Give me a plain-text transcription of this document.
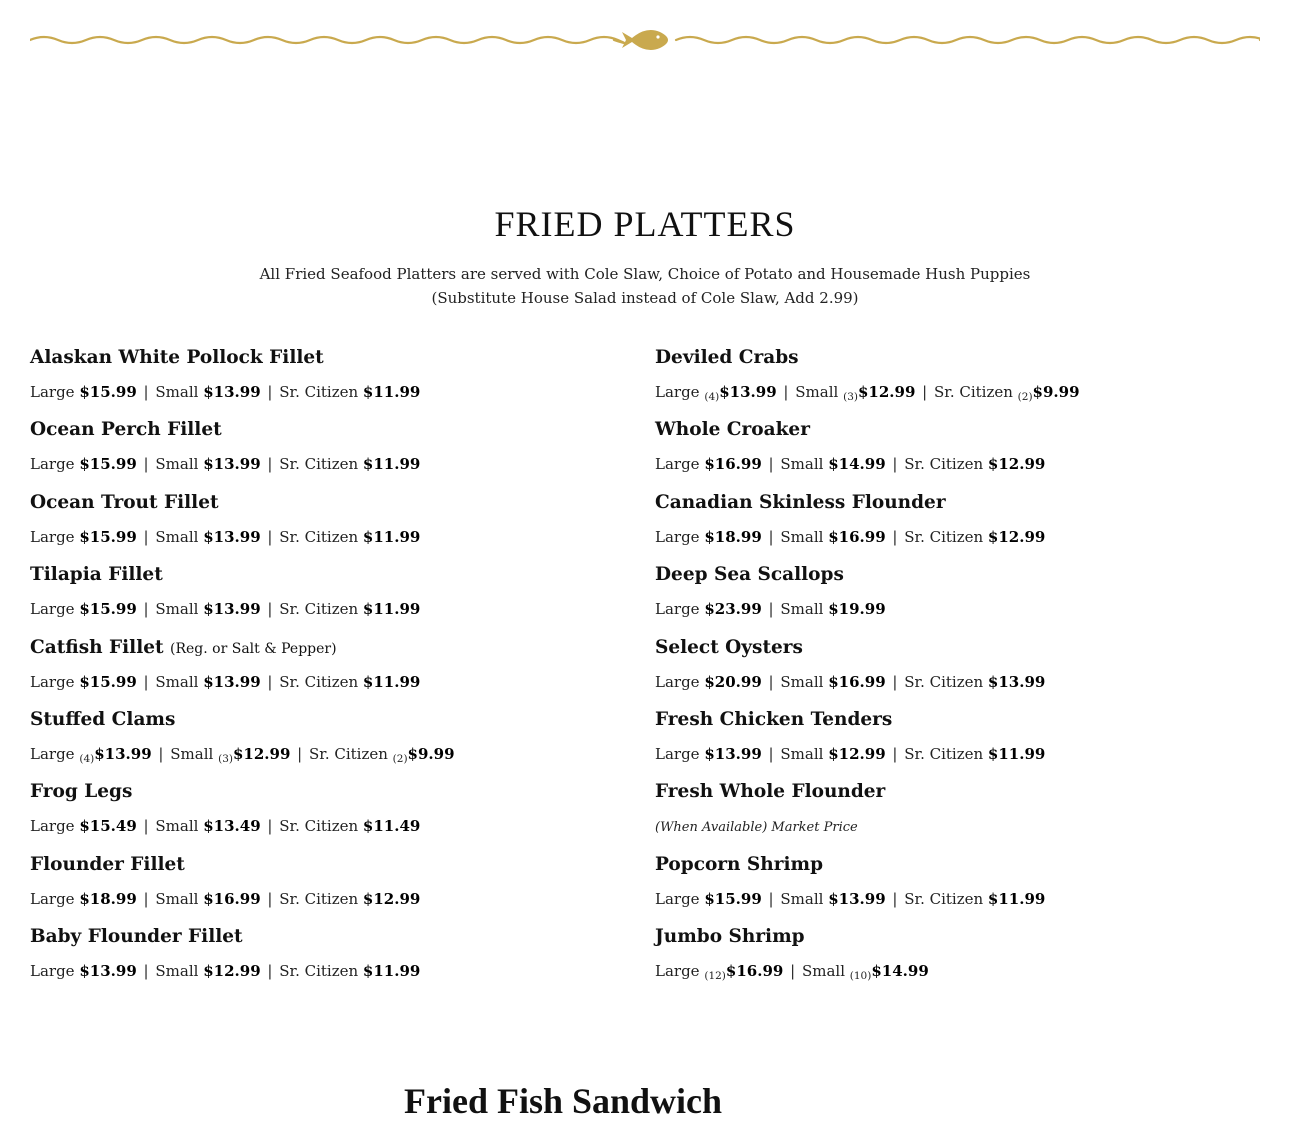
FRIED PLATTERS
All Fried Seafood Platters are served with Cole Slaw, Choice of Potato and Housemade Hush Puppies
(Substitute House Salad instead of Cole Slaw, Add 2.99)
Alaskan White Pollock Fillet
Large $15.99 | Small $13.99 | Sr. Citizen $11.99
Ocean Perch Fillet
Large $15.99 | Small $13.99 | Sr. Citizen $11.99
Ocean Trout Fillet
Large $15.99 | Small $13.99 | Sr. Citizen $11.99
Tilapia Fillet
Large $15.99 | Small $13.99 | Sr. Citizen $11.99
Catfish Fillet (Reg. or Salt & Pepper)
Large $15.99 | Small $13.99 | Sr. Citizen $11.99
Stuffed Clams
Large $_{(4)}$\$13.99 | Small $_{(3)}$\$12.99 | Sr. Citizen $_{(2)}$\$9.99
Frog Legs
Large $15.49 | Small $13.49 | Sr. Citizen $11.49
Flounder Fillet
Large $18.99 | Small $16.99 | Sr. Citizen $12.99
Baby Flounder Fillet
Large $13.99 | Small $12.99 | Sr. Citizen $11.99
Deviled Crabs
Large $_{(4)}$\$13.99 | Small $_{(3)}$\$12.99 | Sr. Citizen $_{(2)}$\$9.99
Whole Croaker
Large $16.99 | Small $14.99 | Sr. Citizen $12.99
Canadian Skinless Flounder
Large $18.99 | Small $16.99 | Sr. Citizen $12.99
Deep Sea Scallops
Large $23.99 | Small $19.99
Select Oysters
Large $20.99 | Small $16.99 | Sr. Citizen $13.99
Fresh Chicken Tenders
Large $13.99 | Small $12.99 | Sr. Citizen $11.99
Fresh Whole Flounder
(When Available) Market Price
Popcorn Shrimp
Large $15.99 | Small $13.99 | Sr. Citizen $11.99
Jumbo Shrimp
Large $_{(12)}$\$16.99 | Small $_{(10)}$\$14.99
Fried Fish Sandwich
